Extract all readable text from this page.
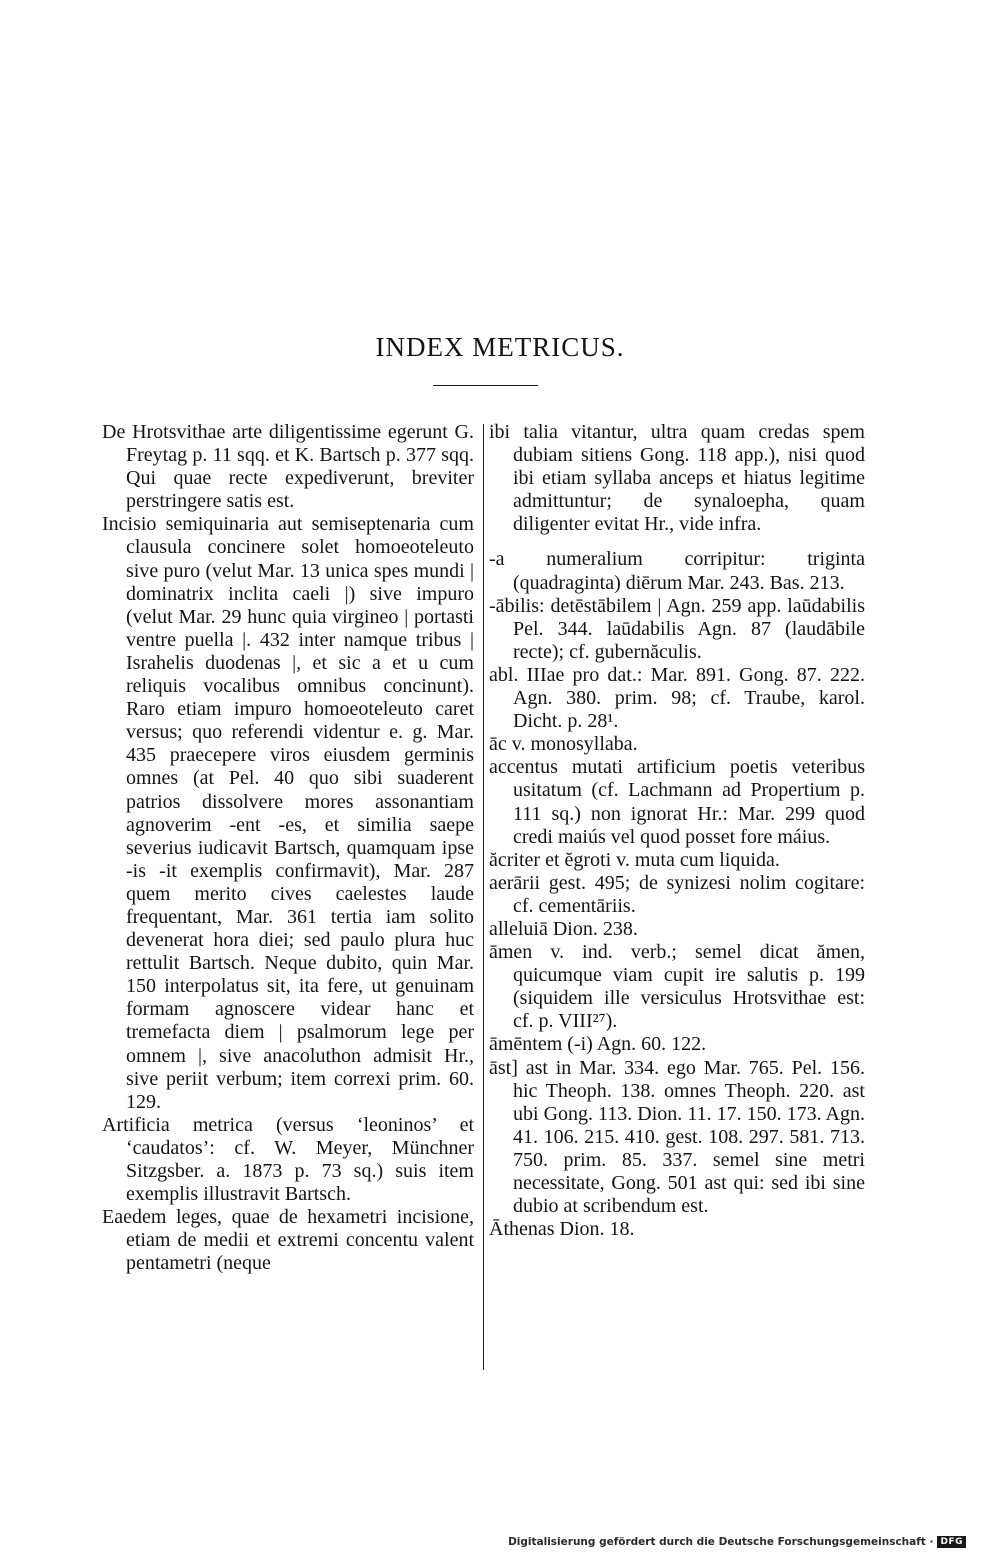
INDEX METRICUS.

De Hrotsvithae arte diligentissime egerunt G. Freytag p. 11 sqq. et K. Bartsch p. 377 sqq. Qui quae recte expediverunt, breviter perstringere satis est.

Incisio semiquinaria aut semiseptenaria cum clausula concinere solet homoeoteleuto sive puro (velut Mar. 13 unica spes mundi | dominatrix inclita caeli |) sive impuro (velut Mar. 29 hunc quia virgineo | portasti ventre puella |. 432 inter namque tribus | Israhelis duodenas |, et sic a et u cum reliquis vocalibus omnibus concinunt). Raro etiam impuro homoeoteleuto caret versus; quo referendi videntur e. g. Mar. 435 praecepere viros eiusdem germinis omnes (at Pel. 40 quo sibi suaderent patrios dissolvere mores assonantiam agnoverim -ent -es, et similia saepe severius iudicavit Bartsch, quamquam ipse -is -it exemplis confirmavit), Mar. 287 quem merito cives caelestes laude frequentant, Mar. 361 tertia iam solito devenerat hora diei; sed paulo plura huc rettulit Bartsch. Neque dubito, quin Mar. 150 interpolatus sit, ita fere, ut genuinam formam agnoscere videar hanc et tremefacta diem | psalmorum lege per omnem |, sive anacoluthon admisit Hr., sive periit verbum; item correxi prim. 60. 129.

Artificia metrica (versus ‘leoninos’ et ‘caudatos’: cf. W. Meyer, Münchner Sitzgsber. a. 1873 p. 73 sq.) suis item exemplis illustravit Bartsch.

Eaedem leges, quae de hexametri incisione, etiam de medii et extremi concentu valent pentametri (neque

ibi talia vitantur, ultra quam credas spem dubiam sitiens Gong. 118 app.), nisi quod ibi etiam syllaba anceps et hiatus legitime admittuntur; de synaloepha, quam diligenter evitat Hr., vide infra.

-a numeralium corripitur: triginta (quadraginta) diērum Mar. 243. Bas. 213.

-ābilis: detēstābilem | Agn. 259 app. laūdabilis Pel. 344. laūdabilis Agn. 87 (laudābile recte); cf. gubernăculis.

abl. IIIae pro dat.: Mar. 891. Gong. 87. 222. Agn. 380. prim. 98; cf. Traube, karol. Dicht. p. 28¹.

āc v. monosyllaba.

accentus mutati artificium poetis veteribus usitatum (cf. Lachmann ad Propertium p. 111 sq.) non ignorat Hr.: Mar. 299 quod credi maiús vel quod posset fore máius.

ăcriter et ĕgroti v. muta cum liquida.

aerārii gest. 495; de synizesi nolim cogitare: cf. cementāriis.

alleluiā Dion. 238.

āmen v. ind. verb.; semel dicat ămen, quicumque viam cupit ire salutis p. 199 (siquidem ille versiculus Hrotsvithae est: cf. p. VIII²⁷).

āmēntem (-i) Agn. 60. 122.

āst] ast in Mar. 334. ego Mar. 765. Pel. 156. hic Theoph. 138. omnes Theoph. 220. ast ubi Gong. 113. Dion. 11. 17. 150. 173. Agn. 41. 106. 215. 410. gest. 108. 297. 581. 713. 750. prim. 85. 337. semel sine metri necessitate, Gong. 501 ast qui: sed ibi sine dubio at scribendum est.

Āthenas Dion. 18.

Digitalisierung gefördert durch die Deutsche Forschungsgemeinschaft · DFG
